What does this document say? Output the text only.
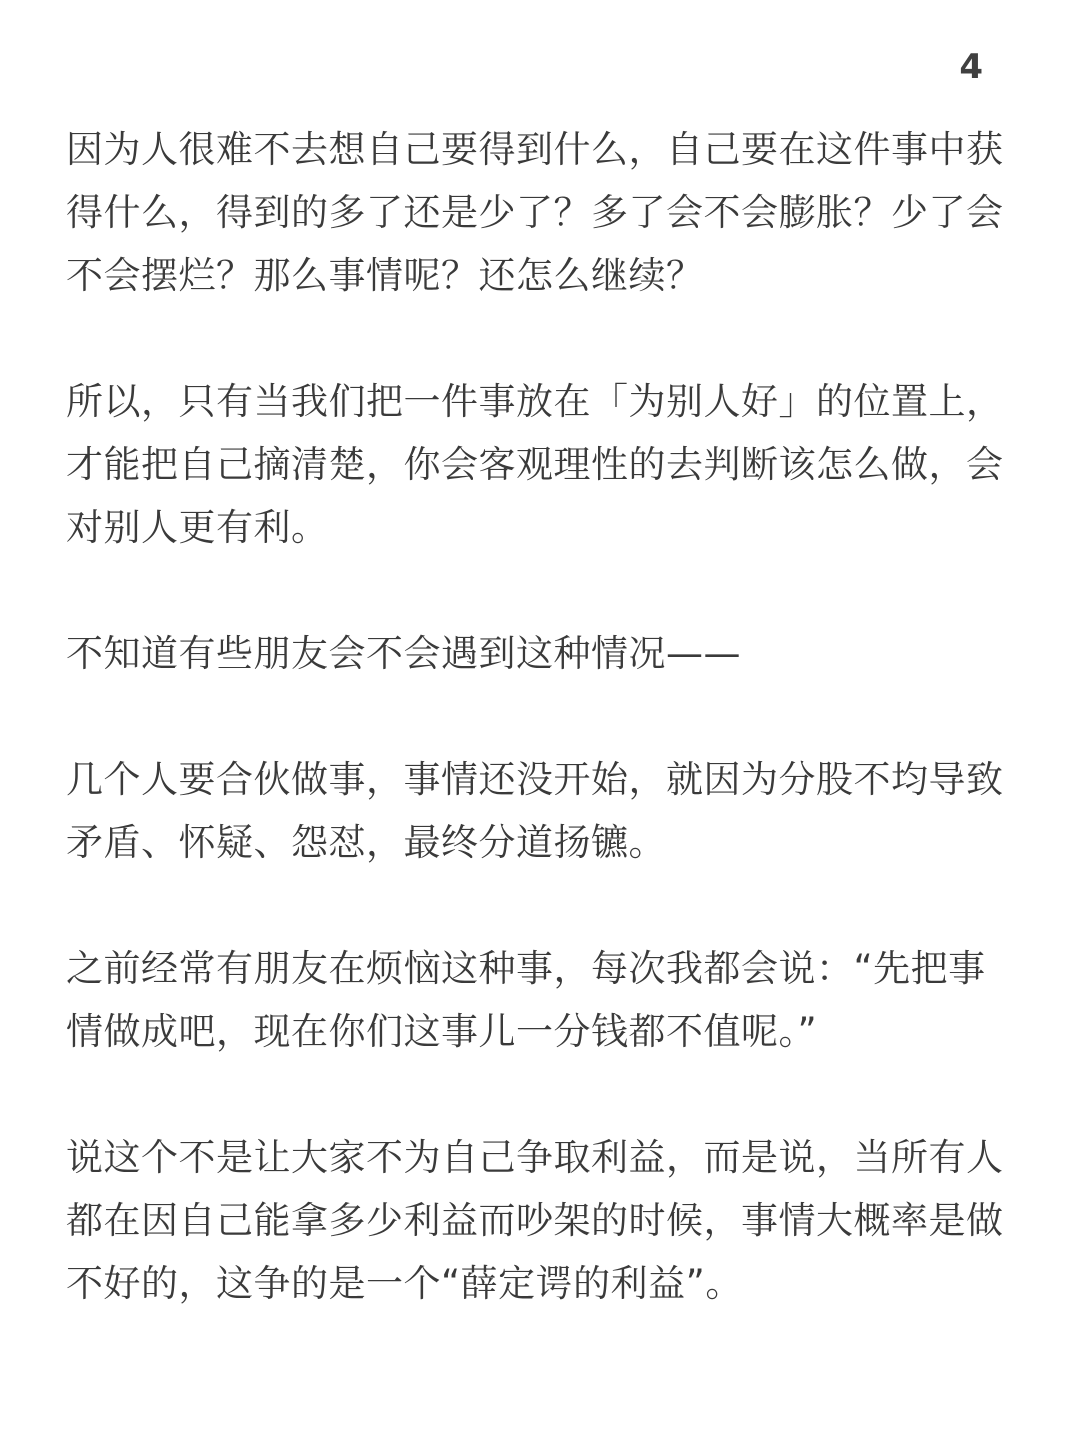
4

因为人很难不去想自己要得到什么，自己要在这件事中获
得什么，得到的多了还是少了？多了会不会膨胀？少了会
不会摆烂？那么事情呢？还怎么继续？

所以，只有当我们把一件事放在「为别人好」的位置上，
才能把自己摘清楚，你会客观理性的去判断该怎么做，会
对别人更有利。

不知道有些朋友会不会遇到这种情况——

几个人要合伙做事，事情还没开始，就因为分股不均导致
矛盾、怀疑、怨怼，最终分道扬镳。

之前经常有朋友在烦恼这种事，每次我都会说：“先把事
情做成吧，现在你们这事儿一分钱都不值呢。”

说这个不是让大家不为自己争取利益，而是说，当所有人
都在因自己能拿多少利益而吵架的时候，事情大概率是做
不好的，这争的是一个“薛定谔的利益”。
